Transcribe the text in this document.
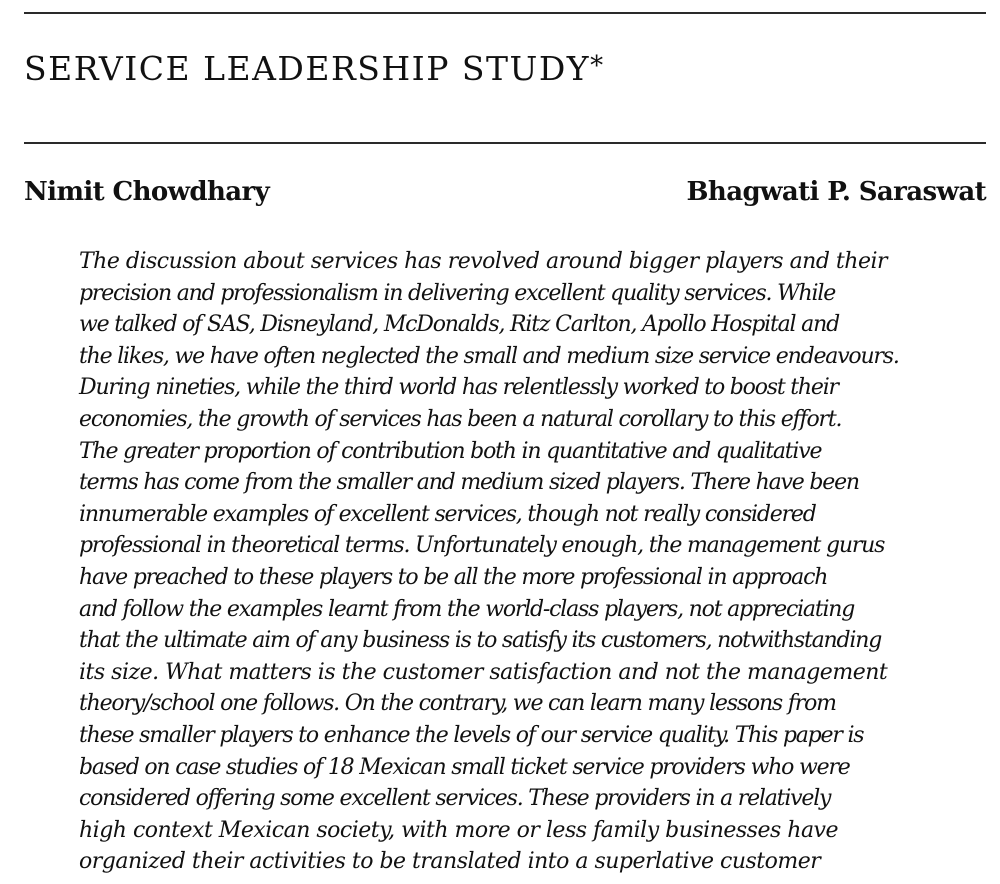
SERVICE LEADERSHIP STUDY*
Nimit Chowdhary	Bhagwati P. Saraswat
The discussion about services has revolved around bigger players and their
precision and professionalism in delivering excellent quality services. While
we talked of SAS, Disneyland, McDonalds, Ritz Carlton, Apollo Hospital and
the likes, we have often neglected the small and medium size service endeavours.
During nineties, while the third world has relentlessly worked to boost their
economies, the growth of services has been a natural corollary to this effort.
The greater proportion of contribution both in quantitative and qualitative
terms has come from the smaller and medium sized players. There have been
innumerable examples of excellent services, though not really considered
professional in theoretical terms. Unfortunately enough, the management gurus
have preached to these players to be all the more professional in approach
and follow the examples learnt from the world-class players, not appreciating
that the ultimate aim of any business is to satisfy its customers, notwithstanding
its size. What matters is the customer satisfaction and not the management
theory/school one follows. On the contrary, we can learn many lessons from
these smaller players to enhance the levels of our service quality. This paper is
based on case studies of 18 Mexican small ticket service providers who were
considered offering some excellent services. These providers in a relatively
high context Mexican society, with more or less family businesses have
organized their activities to be translated into a superlative customer
